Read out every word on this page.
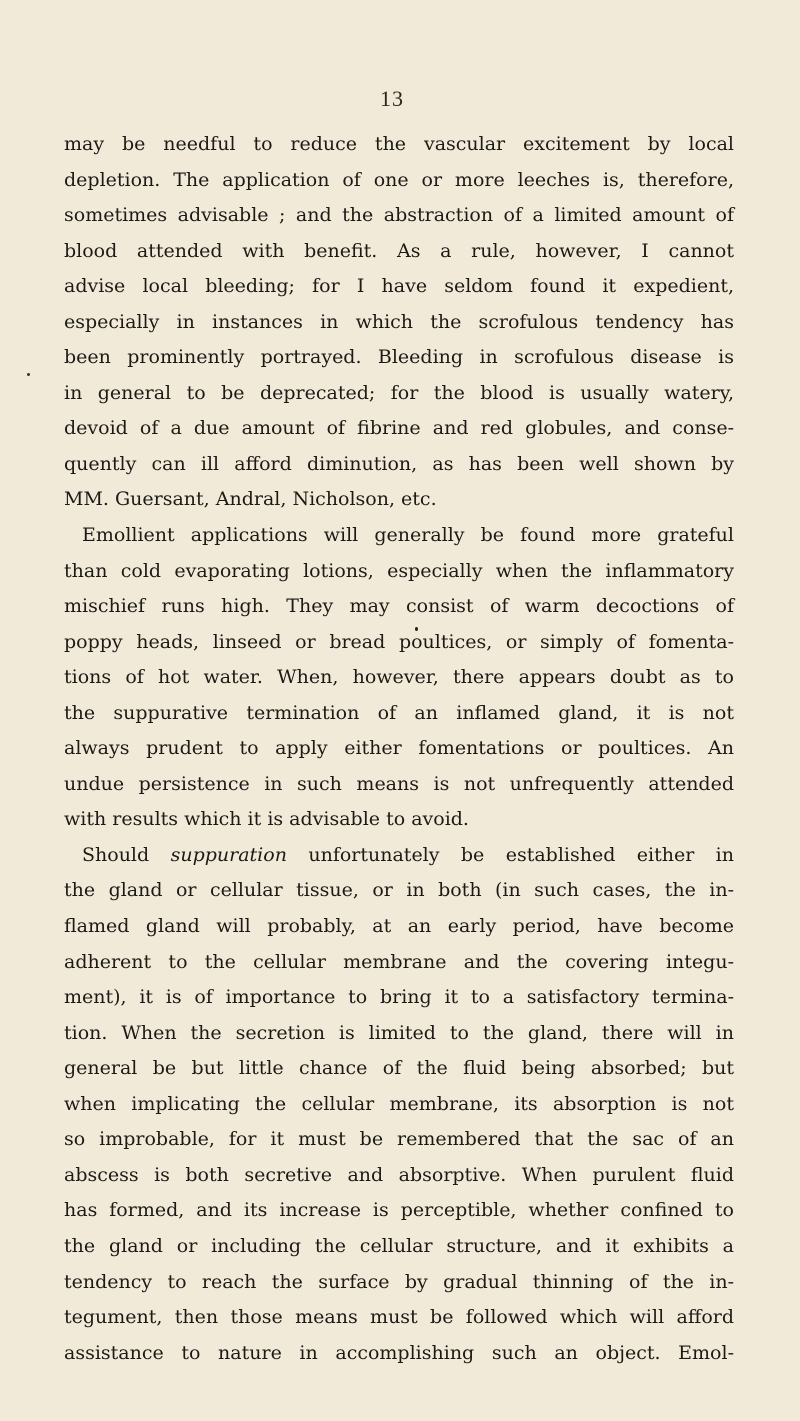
13
may be needful to reduce the vascular excitement by local
depletion. The application of one or more leeches is, therefore,
sometimes advisable ; and the abstraction of a limited amount of
blood attended with benefit. As a rule, however, I cannot
advise local bleeding; for I have seldom found it expedient,
especially in instances in which the scrofulous tendency has
been prominently portrayed. Bleeding in scrofulous disease is
in general to be deprecated; for the blood is usually watery,
devoid of a due amount of fibrine and red globules, and conse-
quently can ill afford diminution, as has been well shown by
MM. Guersant, Andral, Nicholson, etc.
Emollient applications will generally be found more grateful
than cold evaporating lotions, especially when the inflammatory
mischief runs high. They may consist of warm decoctions of
poppy heads, linseed or bread poultices, or simply of fomenta-
tions of hot water. When, however, there appears doubt as to
the suppurative termination of an inflamed gland, it is not
always prudent to apply either fomentations or poultices. An
undue persistence in such means is not unfrequently attended
with results which it is advisable to avoid.
Should suppuration unfortunately be established either in
the gland or cellular tissue, or in both (in such cases, the in-
flamed gland will probably, at an early period, have become
adherent to the cellular membrane and the covering integu-
ment), it is of importance to bring it to a satisfactory termina-
tion. When the secretion is limited to the gland, there will in
general be but little chance of the fluid being absorbed; but
when implicating the cellular membrane, its absorption is not
so improbable, for it must be remembered that the sac of an
abscess is both secretive and absorptive. When purulent fluid
has formed, and its increase is perceptible, whether confined to
the gland or including the cellular structure, and it exhibits a
tendency to reach the surface by gradual thinning of the in-
tegument, then those means must be followed which will afford
assistance to nature in accomplishing such an object. Emol-
